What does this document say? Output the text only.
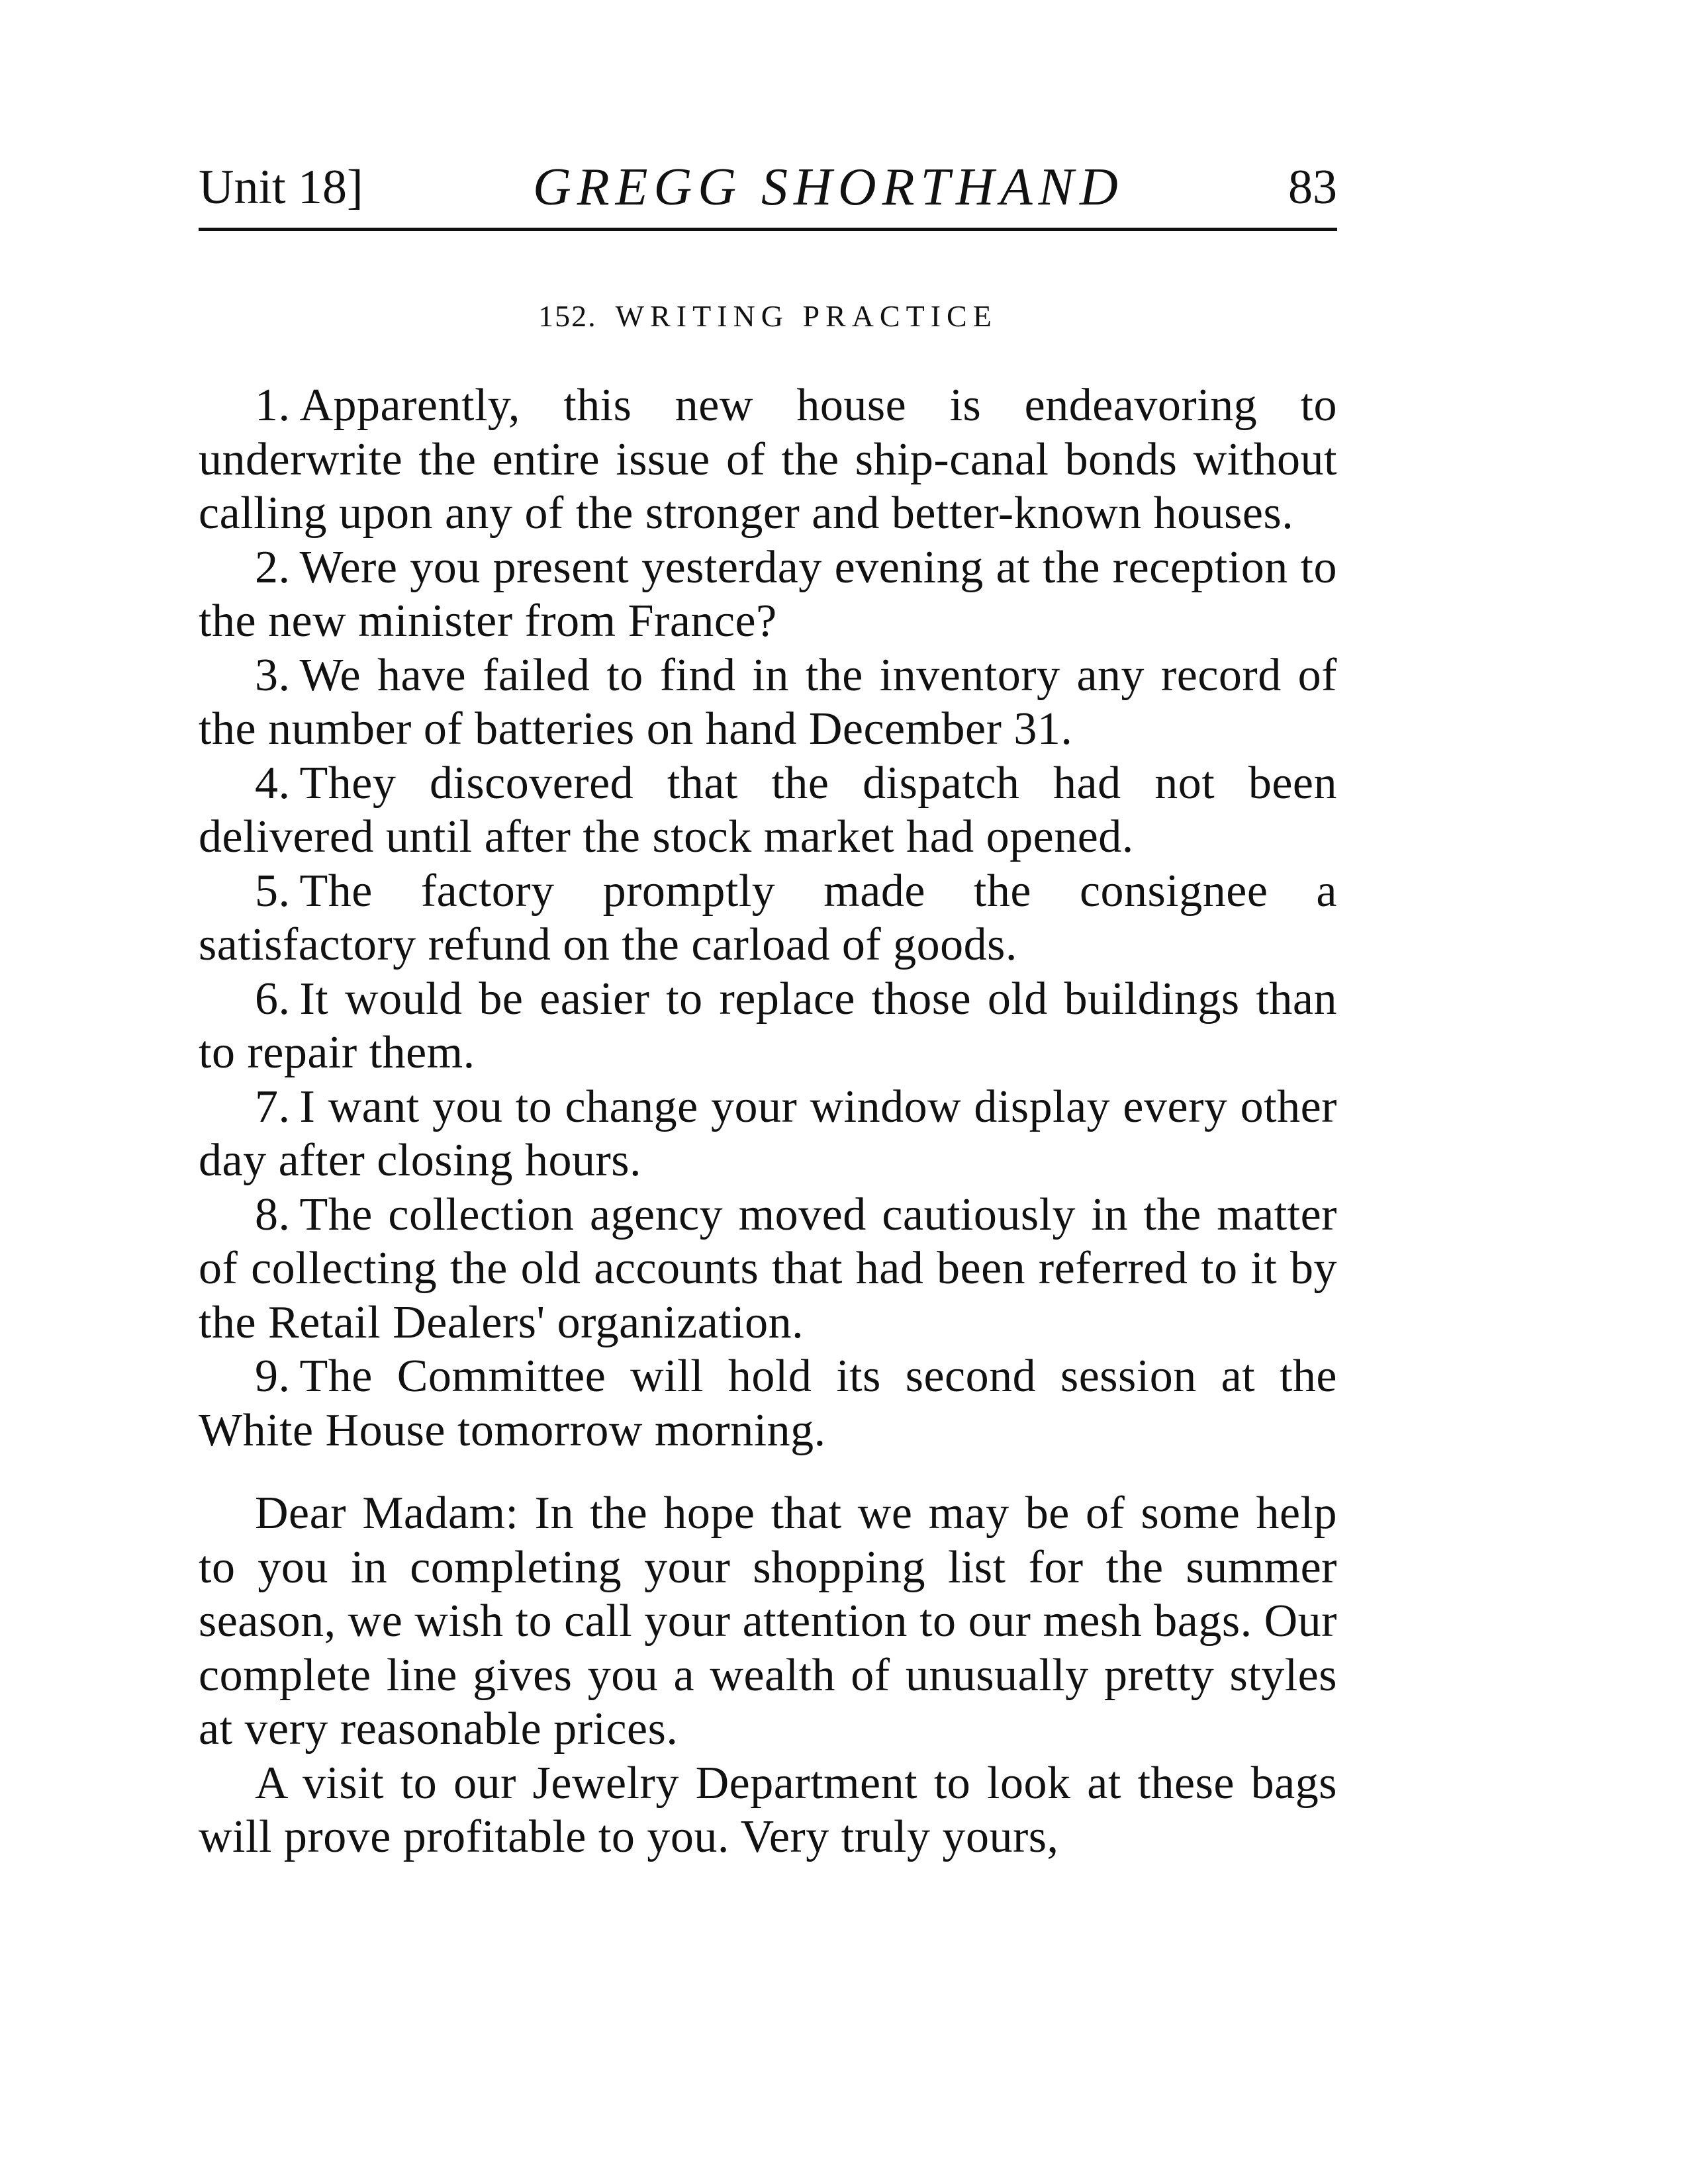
Unit 18]	GREGG SHORTHAND	83
152. WRITING PRACTICE

1. Apparently, this new house is endeavoring to underwrite the entire issue of the ship-canal bonds without calling upon any of the stronger and better-known houses.

2. Were you present yesterday evening at the reception to the new minister from France?

3. We have failed to find in the inventory any record of the number of batteries on hand December 31.

4. They discovered that the dispatch had not been delivered until after the stock market had opened.

5. The factory promptly made the consignee a satisfactory refund on the carload of goods.

6. It would be easier to replace those old buildings than to repair them.

7. I want you to change your window display every other day after closing hours.

8. The collection agency moved cautiously in the matter of collecting the old accounts that had been referred to it by the Retail Dealers' organization.

9. The Committee will hold its second session at the White House tomorrow morning.

Dear Madam: In the hope that we may be of some help to you in completing your shopping list for the summer season, we wish to call your attention to our mesh bags. Our complete line gives you a wealth of unusually pretty styles at very reasonable prices.

A visit to our Jewelry Department to look at these bags will prove profitable to you. Very truly yours,
